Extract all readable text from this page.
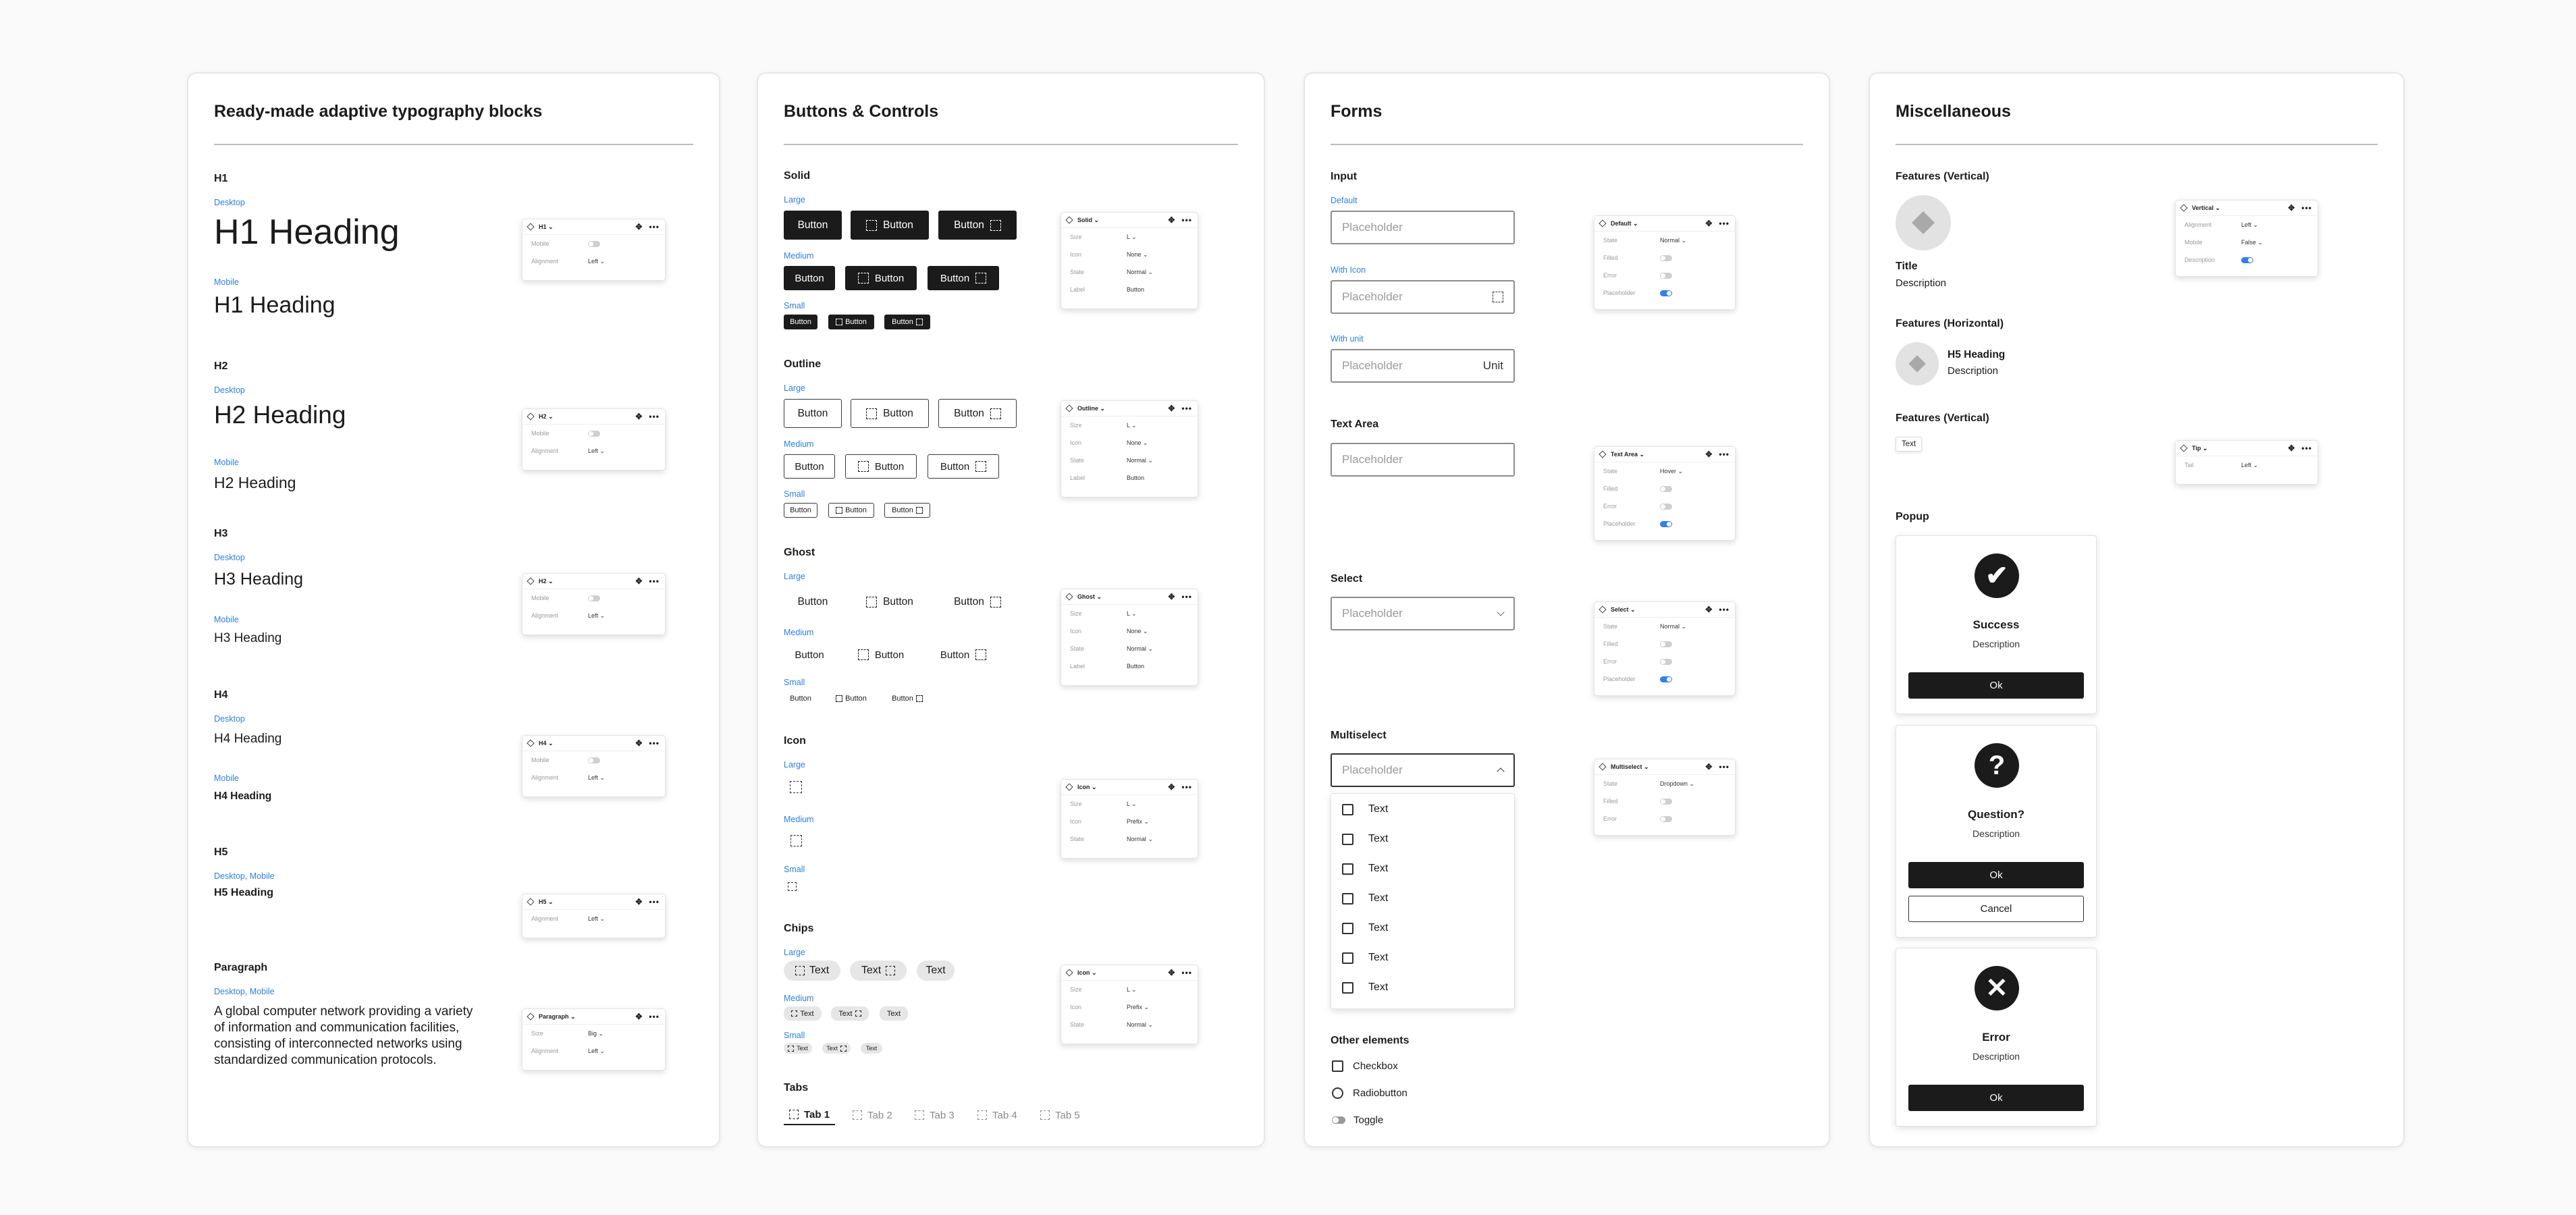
Ready-made adaptive typography blocks
H1
Desktop
H1 Heading
Mobile
H1 Heading
H2
Desktop
H2 Heading
Mobile
H2 Heading
H3
Desktop
H3 Heading
Mobile
H3 Heading
H4
Desktop
H4 Heading
Mobile
H4 Heading
H5
Desktop, Mobile
H5 Heading
Paragraph
Desktop, Mobile
A global computer network providing a variety of information and communication facilities, consisting of interconnected networks using standardized communication protocols.
H1 ⌄	✥ •••
Mobile
Alignment	Left ⌄
H2 ⌄	✥ •••
Mobile
Alignment	Left ⌄
H2 ⌄	✥ •••
Mobile
Alignment	Left ⌄
H4 ⌄	✥ •••
Mobile
Alignment	Left ⌄
H5 ⌄	✥ •••
Alignment	Left ⌄
Paragraph ⌄	✥ •••
Size	Big ⌄
Alignment	Left ⌄
Buttons & Controls
Solid
Large
Button	Button	Button
Medium
Button	Button	Button
Small
Button	Button	Button
Outline
Large
Button	Button	Button
Medium
Button	Button	Button
Small
Button	Button	Button
Ghost
Large
Button	Button	Button
Medium
Button	Button	Button
Small
Button	Button	Button
Icon
Large
Medium
Small
Chips
Large
Text	Text	Text
Medium
Text	Text	Text
Small
Text	Text	Text
Tabs
Tab 1	Tab 2	Tab 3	Tab 4	Tab 5
Solid ⌄	✥ •••
Size	L ⌄
Icon	None ⌄
State	Normal ⌄
Label	Button
Outline ⌄	✥ •••
Size	L ⌄
Icon	None ⌄
State	Normal ⌄
Label	Button
Ghost ⌄	✥ •••
Size	L ⌄
Icon	None ⌄
State	Normal ⌄
Label	Button
Icon ⌄	✥ •••
Size	L ⌄
Icon	Prefix ⌄
State	Normal ⌄
Icon ⌄	✥ •••
Size	L ⌄
Icon	Prefix ⌄
State	Normal ⌄
Forms
Input
Default
Placeholder
With Icon
Placeholder
With unit
Placeholder	Unit
Text Area
Placeholder
Select
Placeholder
Multiselect
Placeholder
Text
Text
Text
Text
Text
Text
Text
Other elements
Checkbox
Radiobutton
Toggle
Default ⌄	✥ •••
State	Normal ⌄
Filled
Error
Placeholder
Text Area ⌄	✥ •••
State	Hover ⌄
Filled
Error
Placeholder
Select ⌄	✥ •••
State	Normal ⌄
Filled
Error
Placeholder
Multiselect ⌄	✥ •••
State	Dropdown ⌄
Filled
Error
Miscellaneous
Features (Vertical)
Title
Description
Features (Horizontal)
H5 Heading
Description
Features (Vertical)
Text
Popup
✔
Success
Description
Ok
?
Question?
Description
Ok
Cancel
✕
Error
Description
Ok
Vertical ⌄	✥ •••
Alignment	Left ⌄
Mobile	False ⌄
Description
Tip ⌄	✥ •••
Tail	Left ⌄
